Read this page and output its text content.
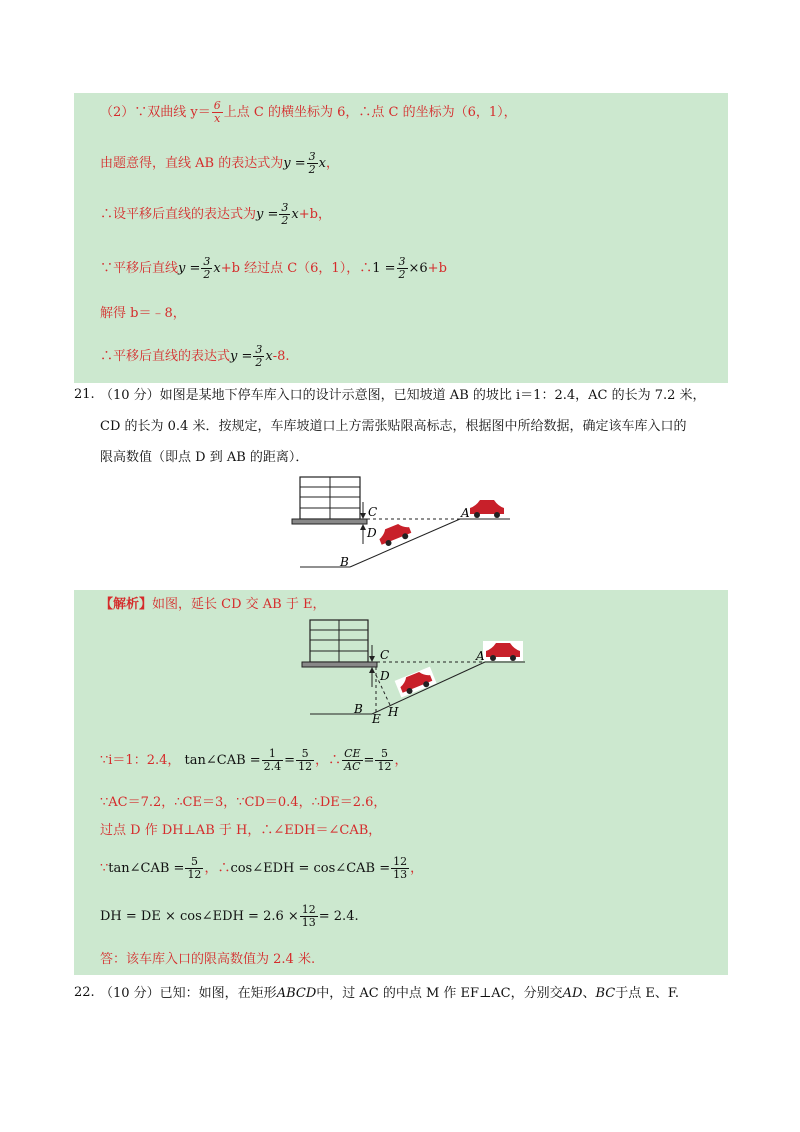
（2）∵双曲线 $y= \frac{6}{x}$ 上点 C 的横坐标为 6，∴点 C 的坐标为（6，1），
由题意得，直线 AB 的表达式为$y = \frac{3}{2}$ x，
∴设平移后直线的表达式为$y = \frac{3}{2} x+b$，
∵平移后直线$y = \frac{3}{2} x+b$ 经过点 C（6，1），∴1 = $\frac{3}{2} \times 6+b$
解得 b＝﹣8，
∴平移后直线的表达式$y = \frac{3}{2} x-8$.
21. （10 分）如图是某地下停车库入口的设计示意图，已知坡道 AB 的坡比 i＝1：2.4，AC 的长为 7.2 米，
CD 的长为 0.4 米．按规定，车库坡道口上方需张贴限高标志，根据图中所给数据，确定该车库入口的
限高数值（即点 D 到 AB 的距离）．
C
D
A
B
【解析】如图，延长 CD 交 AB 于 E，
C
D
A
B
E H
∵i＝1：2.4， tan∠CAB = $\frac{1}{2.4} = \frac{5}{12}$ ，∴ $\frac{CE}{AC} = \frac{5}{12}$ ，
∵AC＝7.2，∴CE＝3，∵CD＝0.4，∴DE＝2.6，
过点 D 作 DH⊥AB 于 H，∴∠EDH＝∠CAB，
∵tan∠CAB = $\frac{5}{12}$ ，∴cos∠EDH = cos∠CAB = $\frac{12}{13}$ ，
DH = DE × cos∠EDH = $2.6 \times \frac{12}{13} = 2.4$.
答：该车库入口的限高数值为 2.4 米.
22. （10 分）已知：如图，在矩形ABCD中，过 AC 的中点 M 作 EF⊥AC，分别交AD、BC于点 E、F.
